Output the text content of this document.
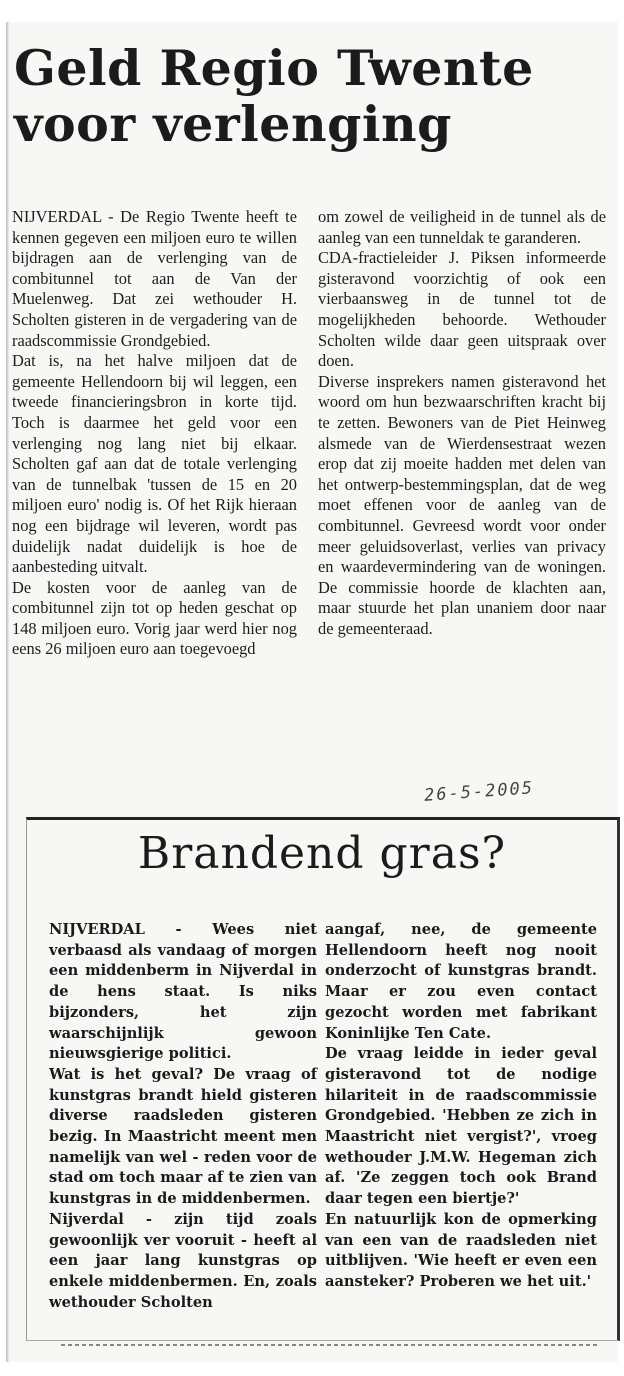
Geld Regio Twente voor verlenging

NIJVERDAL - De Regio Twente heeft te kennen gegeven een miljoen euro te willen bijdragen aan de verlenging van de combitunnel tot aan de Van der Muelenweg. Dat zei wethouder H. Scholten gisteren in de vergadering van de raadscommissie Grondgebied.

Dat is, na het halve miljoen dat de gemeente Hellendoorn bij wil leggen, een tweede financieringsbron in korte tijd. Toch is daarmee het geld voor een verlenging nog lang niet bij elkaar. Scholten gaf aan dat de totale verlenging van de tunnelbak 'tussen de 15 en 20 miljoen euro' nodig is. Of het Rijk hieraan nog een bijdrage wil leveren, wordt pas duidelijk nadat duidelijk is hoe de aanbesteding uitvalt.

De kosten voor de aanleg van de combitunnel zijn tot op heden geschat op 148 miljoen euro. Vorig jaar werd hier nog eens 26 miljoen euro aan toegevoegd

om zowel de veiligheid in de tunnel als de aanleg van een tunneldak te garanderen.

CDA-fractieleider J. Piksen informeerde gisteravond voorzichtig of ook een vierbaansweg in de tunnel tot de mogelijkheden behoorde. Wethouder Scholten wilde daar geen uitspraak over doen.

Diverse insprekers namen gisteravond het woord om hun bezwaarschriften kracht bij te zetten. Bewoners van de Piet Heinweg alsmede van de Wierdensestraat wezen erop dat zij moeite hadden met delen van het ontwerp-bestemmingsplan, dat de weg moet effenen voor de aanleg van de combitunnel. Gevreesd wordt voor onder meer geluidsoverlast, verlies van privacy en waardevermindering van de woningen. De commissie hoorde de klachten aan, maar stuurde het plan unaniem door naar de gemeenteraad.

26-5-2005
Brandend gras?

NIJVERDAL - Wees niet verbaasd als vandaag of morgen een middenberm in Nijverdal in de hens staat. Is niks bijzonders, het zijn waarschijnlijk gewoon nieuwsgierige politici.

Wat is het geval? De vraag of kunstgras brandt hield gisteren diverse raadsleden gisteren bezig. In Maastricht meent men namelijk van wel - reden voor de stad om toch maar af te zien van kunstgras in de middenbermen.

Nijverdal - zijn tijd zoals gewoonlijk ver vooruit - heeft al een jaar lang kunstgras op enkele middenbermen. En, zoals wethouder Scholten

aangaf, nee, de gemeente Hellendoorn heeft nog nooit onderzocht of kunstgras brandt. Maar er zou even contact gezocht worden met fabrikant Koninlijke Ten Cate.

De vraag leidde in ieder geval gisteravond tot de nodige hilariteit in de raadscommissie Grondgebied. 'Hebben ze zich in Maastricht niet vergist?', vroeg wethouder J.M.W. Hegeman zich af. 'Ze zeggen toch ook Brand daar tegen een biertje?'

En natuurlijk kon de opmerking van een van de raadsleden niet uitblijven. 'Wie heeft er even een aansteker? Proberen we het uit.'
